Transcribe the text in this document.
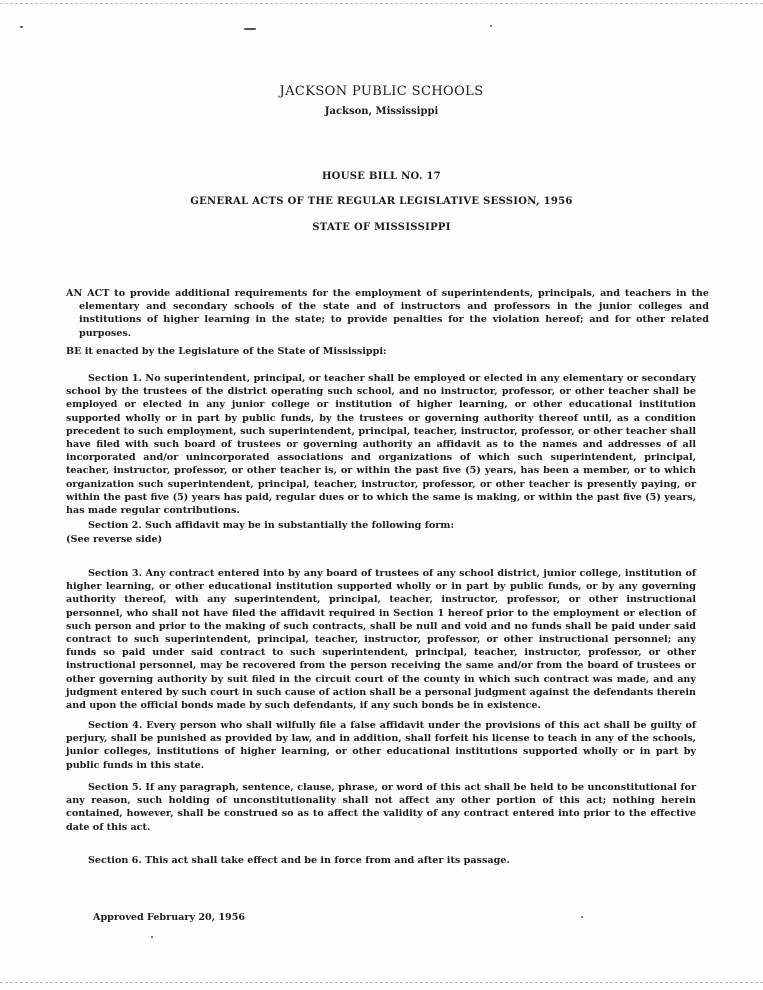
JACKSON PUBLIC SCHOOLS
Jackson, Mississippi
HOUSE BILL NO. 17
GENERAL ACTS OF THE REGULAR LEGISLATIVE SESSION, 1956
STATE OF MISSISSIPPI
AN ACT to provide additional requirements for the employment of superintendents, principals, and teachers in the elementary and secondary schools of the state and of instructors and professors in the junior colleges and institutions of higher learning in the state; to provide penalties for the violation hereof; and for other related purposes.
BE it enacted by the Legislature of the State of Mississippi:
Section 1. No superintendent, principal, or teacher shall be employed or elected in any elementary or secondary school by the trustees of the district operating such school, and no instructor, professor, or other teacher shall be employed or elected in any junior college or institution of higher learning, or other educational institution supported wholly or in part by public funds, by the trustees or governing authority thereof until, as a condition precedent to such employment, such superintendent, principal, teacher, instructor, professor, or other teacher shall have filed with such board of trustees or governing authority an affidavit as to the names and addresses of all incorporated and/or unincorporated associations and organizations of which such superintendent, principal, teacher, instructor, professor, or other teacher is, or within the past five (5) years, has been a member, or to which organization such superintendent, principal, teacher, instructor, professor, or other teacher is presently paying, or within the past five (5) years has paid, regular dues or to which the same is making, or within the past five (5) years, has made regular contributions.
Section 2. Such affidavit may be in substantially the following form:
(See reverse side)
Section 3. Any contract entered into by any board of trustees of any school district, junior college, institution of higher learning, or other educational institution supported wholly or in part by public funds, or by any governing authority thereof, with any superintendent, principal, teacher, instructor, professor, or other instructional personnel, who shall not have filed the affidavit required in Section 1 hereof prior to the employment or election of such person and prior to the making of such contracts, shall be null and void and no funds shall be paid under said contract to such superintendent, principal, teacher, instructor, professor, or other instructional personnel; any funds so paid under said contract to such superintendent, principal, teacher, instructor, professor, or other instructional personnel, may be recovered from the person receiving the same and/or from the board of trustees or other governing authority by suit filed in the circuit court of the county in which such contract was made, and any judgment entered by such court in such cause of action shall be a personal judgment against the defendants therein and upon the official bonds made by such defendants, if any such bonds be in existence.
Section 4. Every person who shall wilfully file a false affidavit under the provisions of this act shall be guilty of perjury, shall be punished as provided by law, and in addition, shall forfeit his license to teach in any of the schools, junior colleges, institutions of higher learning, or other educational institutions supported wholly or in part by public funds in this state.
Section 5. If any paragraph, sentence, clause, phrase, or word of this act shall be held to be unconstitutional for any reason, such holding of unconstitutionality shall not affect any other portion of this act; nothing herein contained, however, shall be construed so as to affect the validity of any contract entered into prior to the effective date of this act.
Section 6. This act shall take effect and be in force from and after its passage.
Approved February 20, 1956
